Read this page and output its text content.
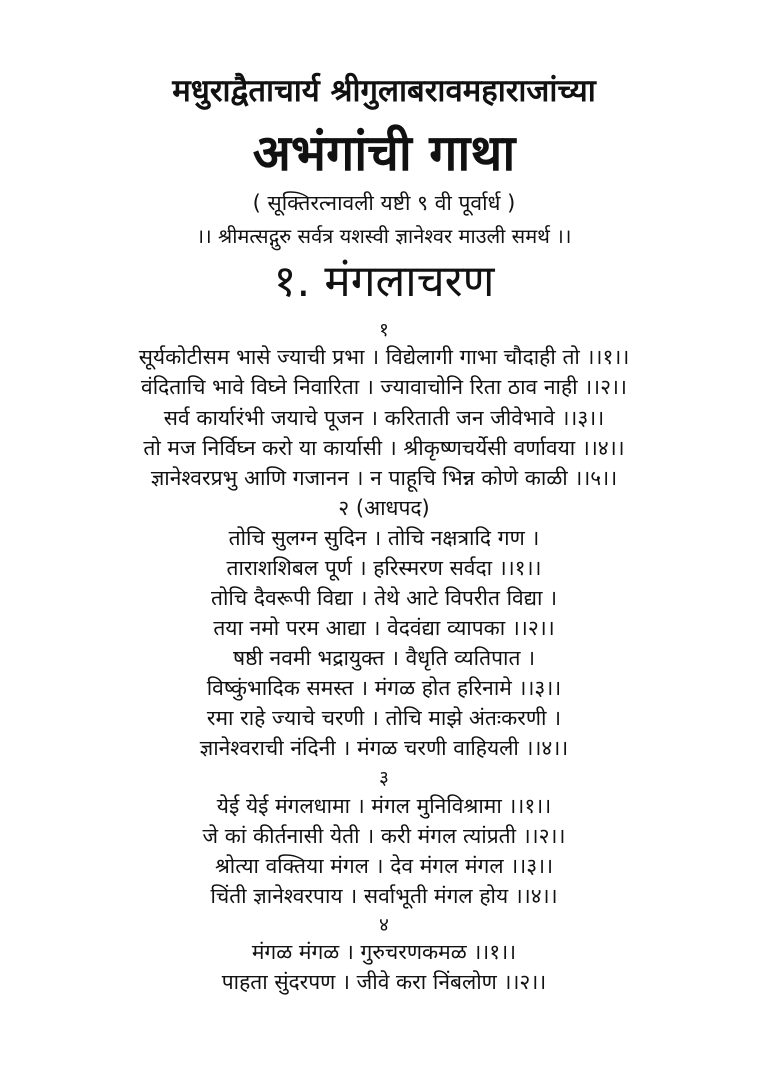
मधुराद्वैताचार्य श्रीगुलाबरावमहाराजांच्या
अभंगांची गाथा
( सूक्तिरत्नावली यष्टी ९ वी पूर्वार्ध )
।। श्रीमत्सद्गुरु सर्वत्र यशस्वी ज्ञानेश्वर माउली समर्थ ।।
१. मंगलाचरण
१
सूर्यकोटीसम भासे ज्याची प्रभा । विद्येलागी गाभा चौदाही तो ।।१।।
वंदिताचि भावे विघ्ने निवारिता । ज्यावाचोनि रिता ठाव नाही ।।२।।
सर्व कार्यारंभी जयाचे पूजन । करिताती जन जीवेभावे ।।३।।
तो मज निर्विघ्न करो या कार्यासी । श्रीकृष्णचर्येसी वर्णावया ।।४।।
ज्ञानेश्वरप्रभु आणि गजानन । न पाहूचि भिन्न कोणे काळी ।।५।।
२ (आधपद)
तोचि सुलग्न सुदिन । तोचि नक्षत्रादि गण ।
ताराशशिबल पूर्ण । हरिस्मरण सर्वदा ।।१।।
तोचि दैवरूपी विद्या । तेथे आटे विपरीत विद्या ।
तया नमो परम आद्या । वेदवंद्या व्यापका ।।२।।
षष्ठी नवमी भद्रायुक्त । वैधृति व्यतिपात ।
विष्कुंभादिक समस्त । मंगळ होत हरिनामे ।।३।।
रमा राहे ज्याचे चरणी । तोचि माझे अंतःकरणी ।
ज्ञानेश्वराची नंदिनी । मंगळ चरणी वाहियली ।।४।।
३
येई येई मंगलधामा । मंगल मुनिविश्रामा ।।१।।
जे कां कीर्तनासी येती । करी मंगल त्यांप्रती ।।२।।
श्रोत्या वक्तिया मंगल । देव मंगल मंगल ।।३।।
चिंती ज्ञानेश्वरपाय । सर्वाभूती मंगल होय ।।४।।
४
मंगळ मंगळ । गुरुचरणकमळ ।।१।।
पाहता सुंदरपण । जीवे करा निंबलोण ।।२।।
